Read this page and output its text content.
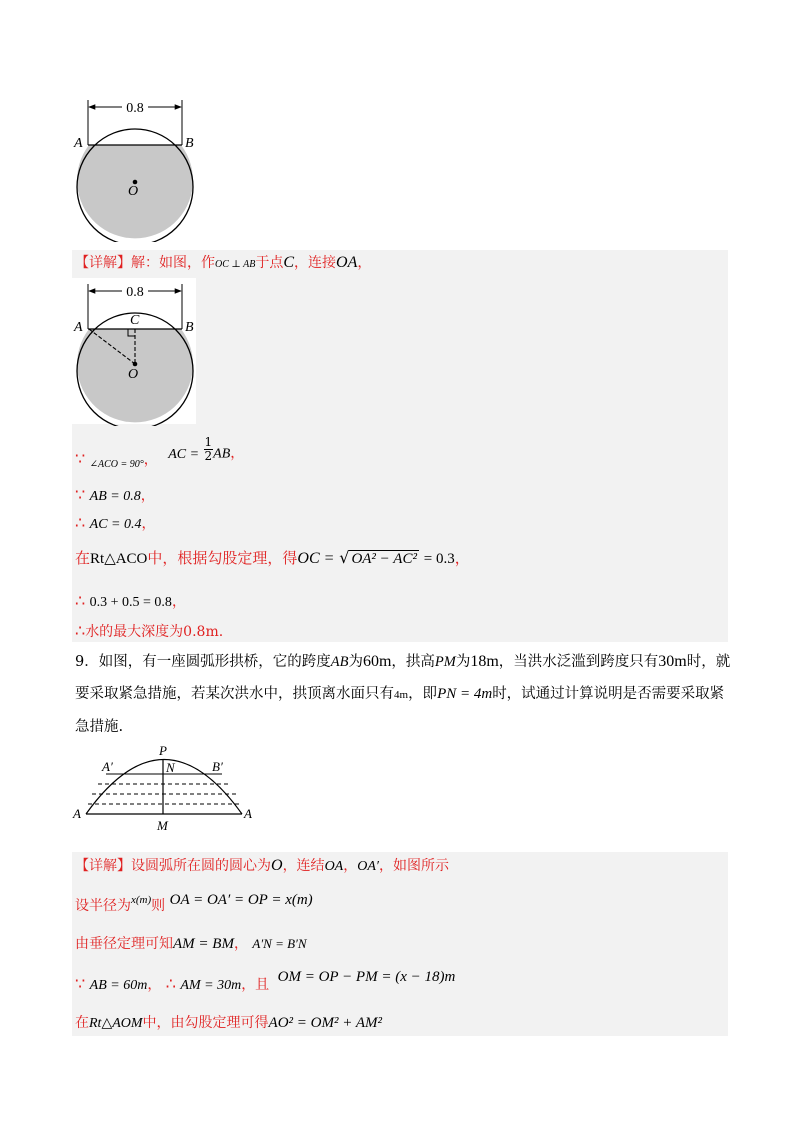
0.8
A	B
O
【详解】解：如图，作OC ⊥ AB于点C，连接OA，
0.8
A	B
C
O
∵ $_{\angle ACO = 90^\circ}$， AC = $\frac{1}{2}$ AB，
∵ AB = 0.8，
∴ AC = 0.4，
在Rt△ACO中，根据勾股定理，得OC = √ OA² − AC² = 0.3，
∴ 0.3 + 0.5 = 0.8，
∴水的最大深度为0.8m.
9．如图，有一座圆弧形拱桥，它的跨度AB为60m，拱高PM为18m，当洪水泛滥到跨度只有30m时，就
要采取紧急措施，若某次洪水中，拱顶离水面只有4m，即PN = 4m时，试通过计算说明是否需要采取紧
急措施.
P
N
A′	B′
A	A
M
【详解】设圆弧所在圆的圆心为O，连结OA，OA′，如图所示
设半径为x(m)则 OA = OA′ = OP = x(m)
由垂径定理可知AM = BM， A′N = B′N
∵ AB = 60m， ∴ AM = 30m，且 OM = OP − PM = (x − 18)m
在Rt△AOM中，由勾股定理可得AO² = OM² + AM²
